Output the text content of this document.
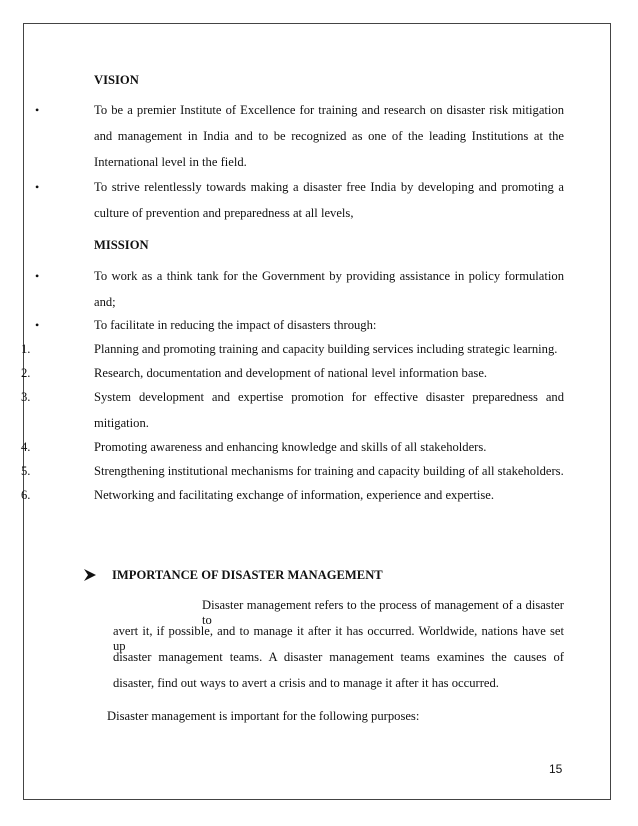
VISION
•	To be a premier Institute of Excellence for training and research on disaster risk mitigation
and management in India and to be recognized as one of the leading Institutions at the
International level in the field.
•	To strive relentlessly towards making a disaster free India by developing and promoting a
culture of prevention and preparedness at all levels,
MISSION
•	To work as a think tank for the Government by providing assistance in policy formulation
and;
•	To facilitate in reducing the impact of disasters through:
1.	Planning and promoting training and capacity building services including strategic learning.
2.	Research, documentation and development of national level information base.
3.	System development and expertise promotion for effective disaster preparedness and
mitigation.
4.	Promoting awareness and enhancing knowledge and skills of all stakeholders.
5.	Strengthening institutional mechanisms for training and capacity building of all stakeholders.
6.	Networking and facilitating exchange of information, experience and expertise.
IMPORTANCE OF DISASTER MANAGEMENT
Disaster management refers to the process of management of a disaster to
avert it, if possible, and to manage it after it has occurred. Worldwide, nations have set up
disaster management teams. A disaster management teams examines the causes of
disaster, find out ways to avert a crisis and to manage it after it has occurred.
Disaster management is important for the following purposes:
15
